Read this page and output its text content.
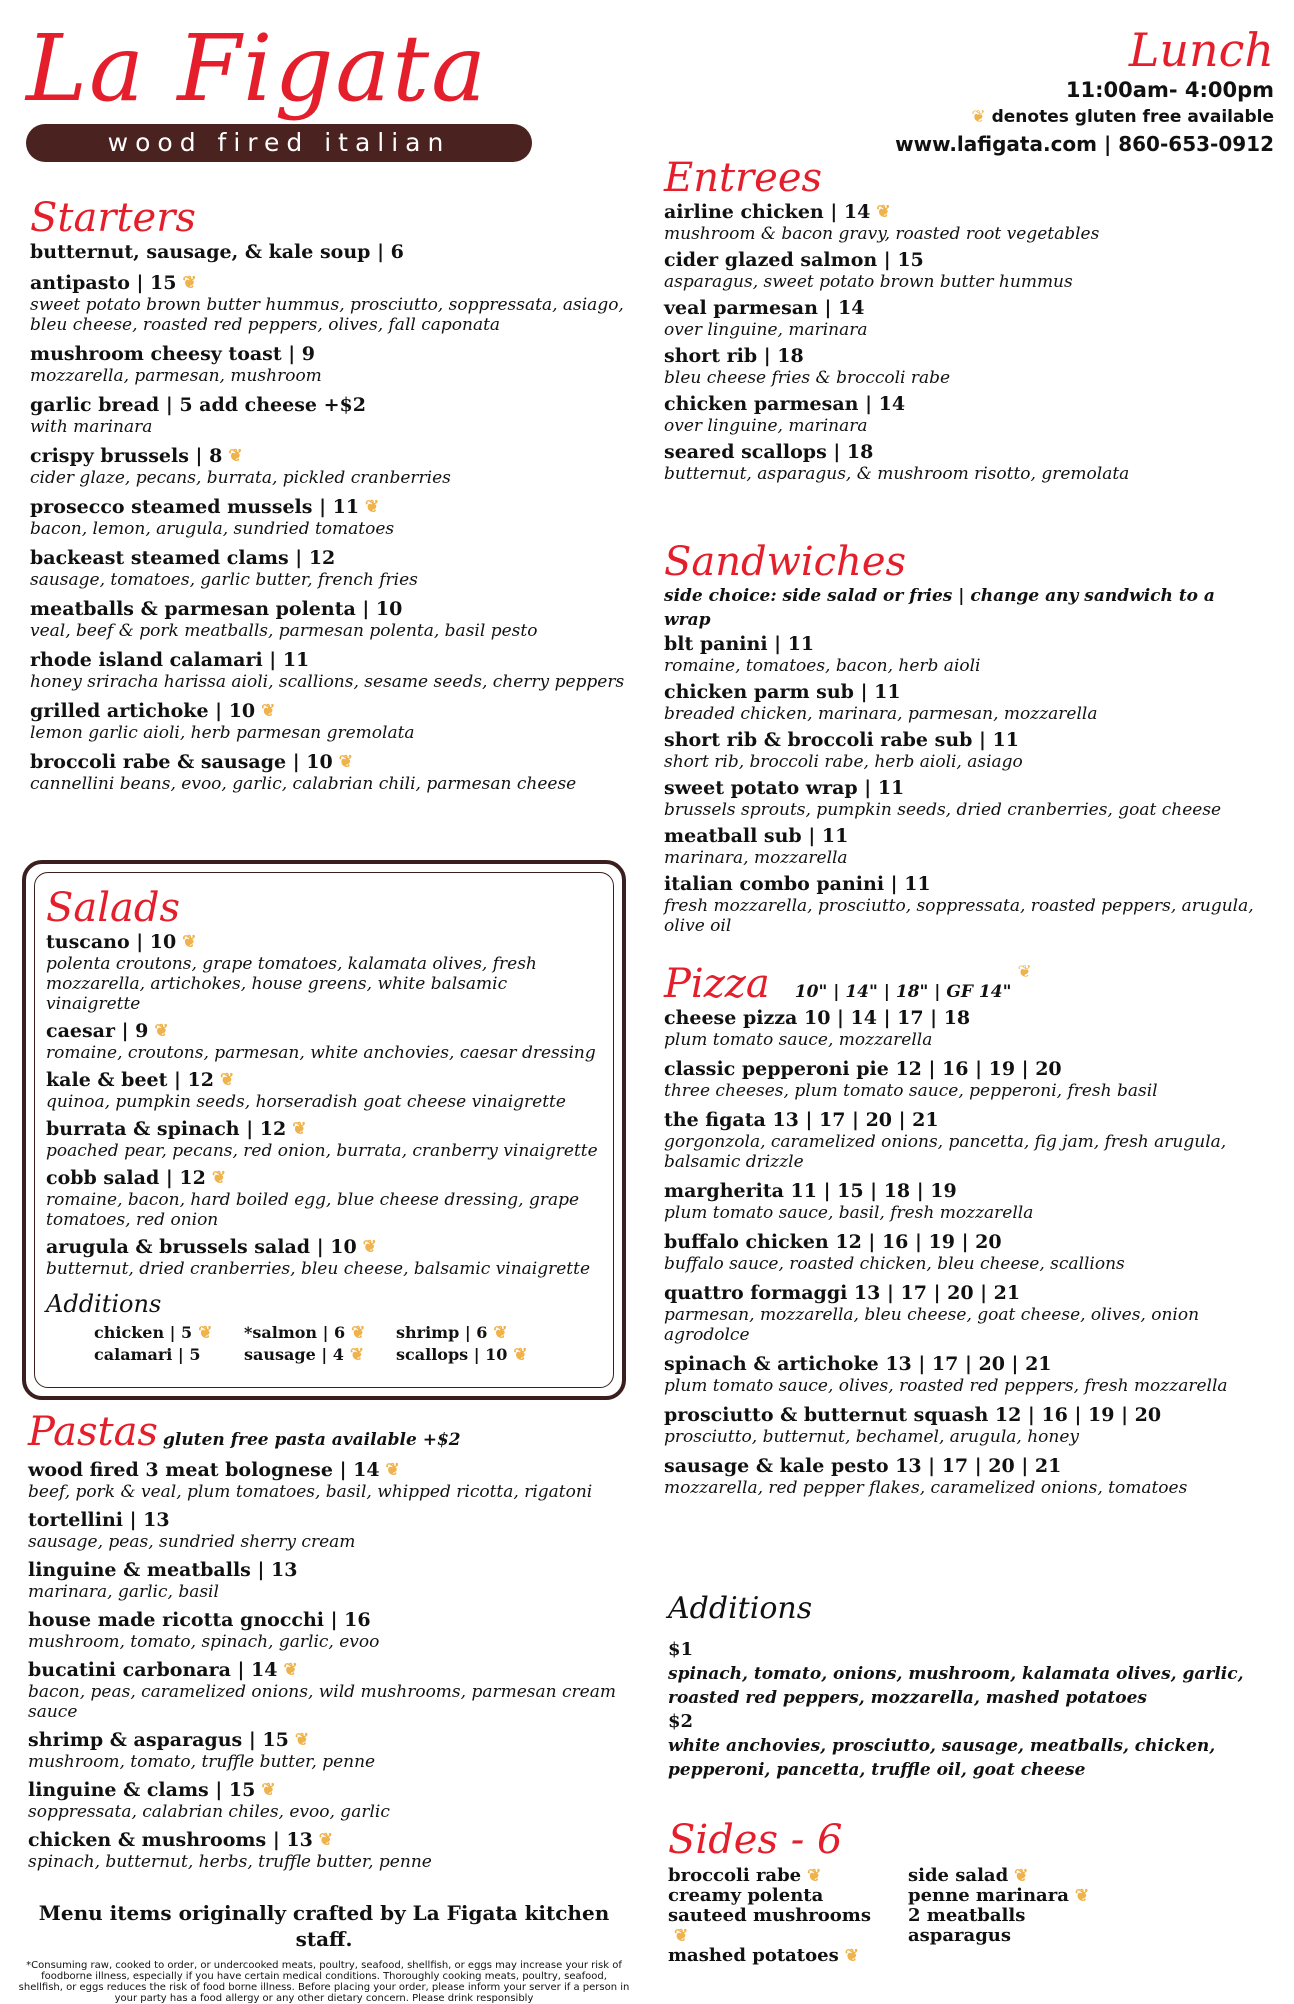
La Figata

wood fired italian
Lunch
11:00am- 4:00pm
❦ denotes gluten free available
www.lafigata.com | 860-653-0912

Starters

butternut, sausage, & kale soup | 6
antipasto | 15 ❦
sweet potato brown butter hummus, prosciutto, soppressata, asiago, bleu cheese, roasted red peppers, olives, fall caponata
mushroom cheesy toast | 9
mozzarella, parmesan, mushroom
garlic bread | 5 add cheese +$2
with marinara
crispy brussels | 8 ❦
cider glaze, pecans, burrata, pickled cranberries
prosecco steamed mussels | 11 ❦
bacon, lemon, arugula, sundried tomatoes
backeast steamed clams | 12
sausage, tomatoes, garlic butter, french fries
meatballs & parmesan polenta | 10
veal, beef & pork meatballs, parmesan polenta, basil pesto
rhode island calamari | 11
honey sriracha harissa aioli, scallions, sesame seeds, cherry peppers
grilled artichoke | 10 ❦
lemon garlic aioli, herb parmesan gremolata
broccoli rabe & sausage | 10 ❦
cannellini beans, evoo, garlic, calabrian chili, parmesan cheese

Salads

tuscano | 10 ❦
polenta croutons, grape tomatoes, kalamata olives, fresh mozzarella, artichokes, house greens, white balsamic vinaigrette
caesar | 9 ❦
romaine, croutons, parmesan, white anchovies, caesar dressing
kale & beet | 12 ❦
quinoa, pumpkin seeds, horseradish goat cheese vinaigrette
burrata & spinach | 12 ❦
poached pear, pecans, red onion, burrata, cranberry vinaigrette
cobb salad | 12 ❦
romaine, bacon, hard boiled egg, blue cheese dressing, grape tomatoes, red onion
arugula & brussels salad | 10 ❦
butternut, dried cranberries, bleu cheese, balsamic vinaigrette

Additions

chicken | 5 ❦
calamari | 5
*salmon | 6 ❦
sausage | 4 ❦
shrimp | 6 ❦
scallops | 10 ❦
Pastas gluten free pasta available +$2
wood fired 3 meat bolognese | 14 ❦
beef, pork & veal, plum tomatoes, basil, whipped ricotta, rigatoni
tortellini | 13
sausage, peas, sundried sherry cream
linguine & meatballs | 13
marinara, garlic, basil
house made ricotta gnocchi | 16
mushroom, tomato, spinach, garlic, evoo
bucatini carbonara | 14 ❦
bacon, peas, caramelized onions, wild mushrooms, parmesan cream sauce
shrimp & asparagus | 15 ❦
mushroom, tomato, truffle butter, penne
linguine & clams | 15 ❦
soppressata, calabrian chiles, evoo, garlic
chicken & mushrooms | 13 ❦
spinach, butternut, herbs, truffle butter, penne
Menu items originally crafted by La Figata kitchen staff.
*Consuming raw, cooked to order, or undercooked meats, poultry, seafood, shellfish, or eggs may increase your risk of foodborne illness, especially if you have certain medical conditions. Thoroughly cooking meats, poultry, seafood, shellfish, or eggs reduces the risk of food borne illness. Before placing your order, please inform your server if a person in your party has a food allergy or any other dietary concern. Please drink responsibly

Entrees

airline chicken | 14 ❦
mushroom & bacon gravy, roasted root vegetables
cider glazed salmon | 15
asparagus, sweet potato brown butter hummus
veal parmesan | 14
over linguine, marinara
short rib | 18
bleu cheese fries & broccoli rabe
chicken parmesan | 14
over linguine, marinara
seared scallops | 18
butternut, asparagus, & mushroom risotto, gremolata

Sandwiches

side choice: side salad or fries | change any sandwich to a wrap
blt panini | 11
romaine, tomatoes, bacon, herb aioli
chicken parm sub | 11
breaded chicken, marinara, parmesan, mozzarella
short rib & broccoli rabe sub | 11
short rib, broccoli rabe, herb aioli, asiago
sweet potato wrap | 11
brussels sprouts, pumpkin seeds, dried cranberries, goat cheese
meatball sub | 11
marinara, mozzarella
italian combo panini | 11
fresh mozzarella, prosciutto, soppressata, roasted peppers, arugula, olive oil
Pizza 10" | 14" | 18" | GF 14"❦
cheese pizza 10 | 14 | 17 | 18
plum tomato sauce, mozzarella
classic pepperoni pie 12 | 16 | 19 | 20
three cheeses, plum tomato sauce, pepperoni, fresh basil
the figata 13 | 17 | 20 | 21
gorgonzola, caramelized onions, pancetta, fig jam, fresh arugula, balsamic drizzle
margherita 11 | 15 | 18 | 19
plum tomato sauce, basil, fresh mozzarella
buffalo chicken 12 | 16 | 19 | 20
buffalo sauce, roasted chicken, bleu cheese, scallions
quattro formaggi 13 | 17 | 20 | 21
parmesan, mozzarella, bleu cheese, goat cheese, olives, onion agrodolce
spinach & artichoke 13 | 17 | 20 | 21
plum tomato sauce, olives, roasted red peppers, fresh mozzarella
prosciutto & butternut squash 12 | 16 | 19 | 20
prosciutto, butternut, bechamel, arugula, honey
sausage & kale pesto 13 | 17 | 20 | 21
mozzarella, red pepper flakes, caramelized onions, tomatoes

Additions

$1
spinach, tomato, onions, mushroom, kalamata olives, garlic, roasted red peppers, mozzarella, mashed potatoes
$2
white anchovies, prosciutto, sausage, meatballs, chicken, pepperoni, pancetta, truffle oil, goat cheese

Sides - 6

broccoli rabe ❦
creamy polenta
sauteed mushrooms❦
mashed potatoes ❦
side salad ❦
penne marinara ❦
2 meatballs
asparagus
